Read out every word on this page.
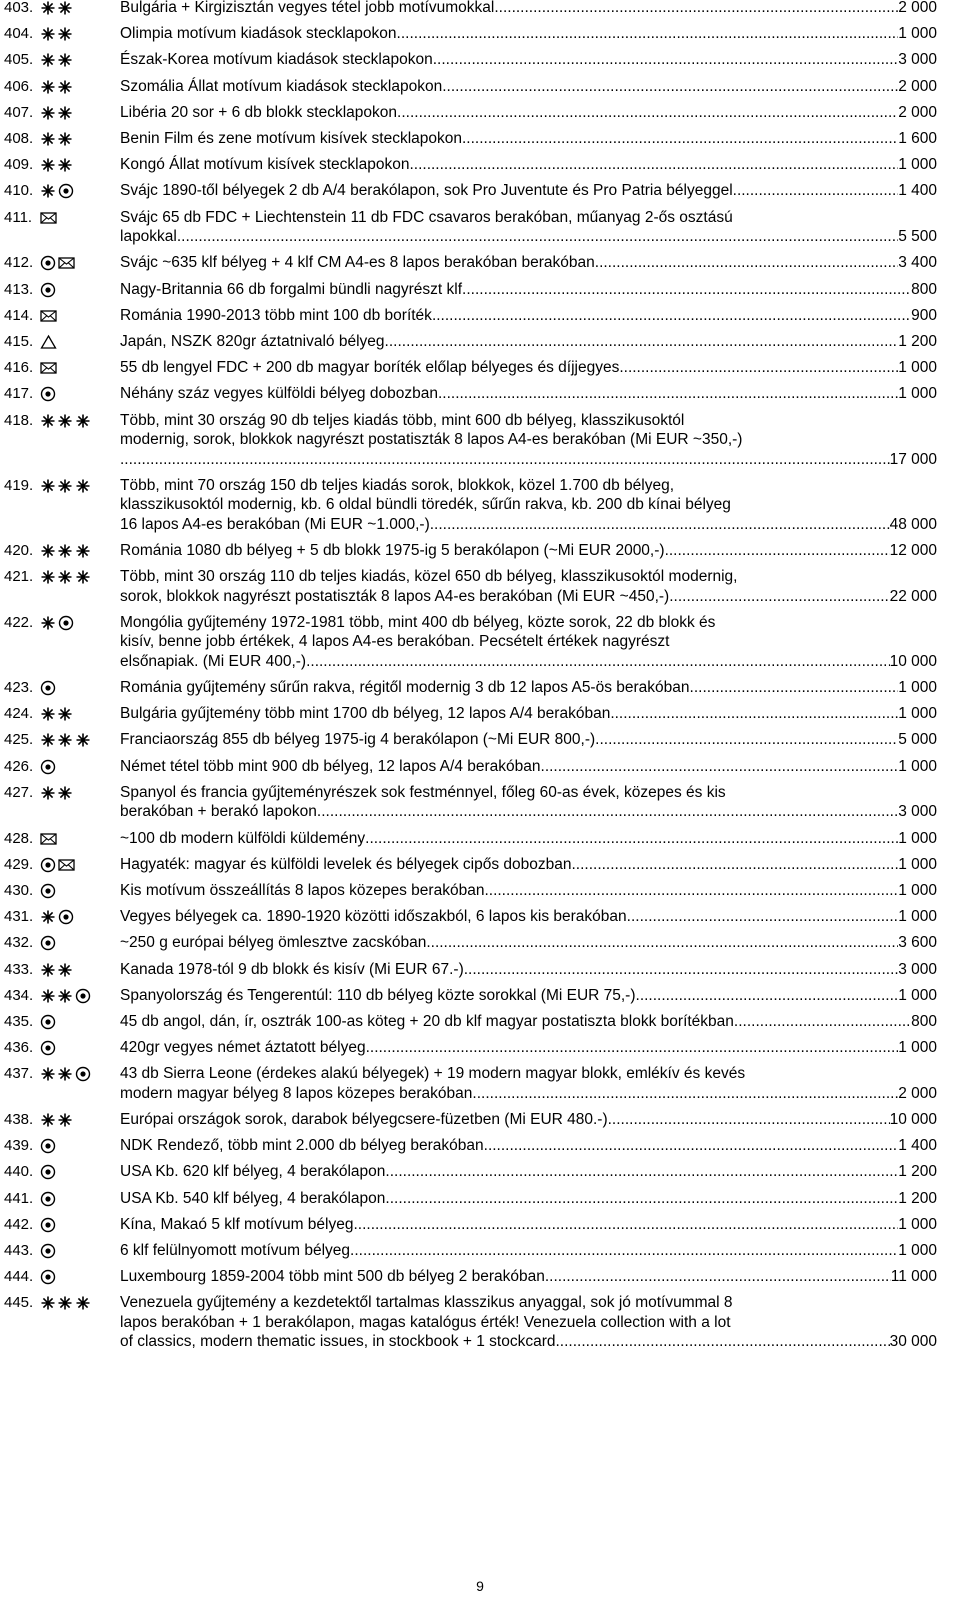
403.	Bulgária + Kirgizisztán vegyes tétel jobb motívumokkal .....	2 000
404.	Olimpia motívum kiadások stecklapokon .....	1 000
405.	Észak-Korea motívum kiadások stecklapokon .....	3 000
406.	Szomália Állat motívum kiadások stecklapokon .....	2 000
407.	Libéria 20 sor + 6 db blokk stecklapokon .....	2 000
408.	Benin Film és zene motívum kisívek stecklapokon .....	1 600
409.	Kongó Állat motívum kisívek stecklapokon .....	1 000
410.	Svájc 1890-től bélyegek 2 db A/4 berakólapon, sok Pro Juventute és Pro Patria bélyeggel .....	1 400
411.	Svájc 65 db FDC + Liechtenstein 11 db FDC csavaros berakóban, műanyag 2-ős osztású
lapokkal .....	5 500
412.	Svájc ~635 klf bélyeg + 4 klf CM A4-es 8 lapos berakóban berakóban .....	3 400
413.	Nagy-Britannia 66 db forgalmi bündli nagyrészt klf .....	800
414.	Románia 1990-2013 több mint 100 db boríték .....	900
415.	Japán, NSZK 820gr áztatnivaló bélyeg .....	1 200
416.	55 db lengyel FDC + 200 db magyar boríték előlap bélyeges és díjjegyes .....	1 000
417.	Néhány száz vegyes külföldi bélyeg dobozban .....	1 000
418.	Több, mint 30 ország 90 db teljes kiadás több, mint 600 db bélyeg, klasszikusoktól
modernig, sorok, blokkok nagyrészt postatiszták 8 lapos A4-es berakóban (Mi EUR ~350,-)
.....
17 000
419.	Több, mint 70 ország 150 db teljes kiadás sorok, blokkok, közel 1.700 db bélyeg,
klasszikusoktól modernig, kb. 6 oldal bündli töredék, sűrűn rakva, kb. 200 db kínai bélyeg
16 lapos A4-es berakóban (Mi EUR ~1.000,-) .....	48 000
420.	Románia 1080 db bélyeg + 5 db blokk 1975-ig 5 berakólapon (~Mi EUR 2000,-) .....	12 000
421.	Több, mint 30 ország 110 db teljes kiadás, közel 650 db bélyeg, klasszikusoktól modernig,
sorok, blokkok nagyrészt postatiszták 8 lapos A4-es berakóban (Mi EUR ~450,-) .....	22 000
422.	Mongólia gyűjtemény 1972-1981 több, mint 400 db bélyeg, közte sorok, 22 db blokk és
kisív, benne jobb értékek, 4 lapos A4-es berakóban. Pecsételt értékek nagyrészt
elsőnapiak. (Mi EUR 400,-) .....	10 000
423.	Románia gyűjtemény sűrűn rakva, régitől modernig 3 db 12 lapos A5-ös berakóban .....	1 000
424.	Bulgária gyűjtemény több mint 1700 db bélyeg, 12 lapos A/4 berakóban .....	1 000
425.	Franciaország 855 db bélyeg 1975-ig 4 berakólapon (~Mi EUR 800,-) .....	5 000
426.	Német tétel több mint 900 db bélyeg, 12 lapos A/4 berakóban .....	1 000
427.	Spanyol és francia gyűjteményrészek sok festménnyel, főleg 60-as évek, közepes és kis
berakóban + berakó lapokon .....	3 000
428.	~100 db modern külföldi küldemény .....	1 000
429.	Hagyaték: magyar és külföldi levelek és bélyegek cipős dobozban .....	1 000
430.	Kis motívum összeállítás 8 lapos közepes berakóban .....	1 000
431.	Vegyes bélyegek ca. 1890-1920 közötti időszakból, 6 lapos kis berakóban .....	1 000
432.	~250 g európai bélyeg ömlesztve zacskóban .....	3 600
433.	Kanada 1978-tól 9 db blokk és kisív (Mi EUR 67.-) .....	3 000
434.	Spanyolország és Tengerentúl: 110 db bélyeg közte sorokkal (Mi EUR 75,-) .....	1 000
435.	45 db angol, dán, ír, osztrák 100-as köteg + 20 db klf magyar postatiszta blokk borítékban .....	800
436.	420gr vegyes német áztatott bélyeg .....	1 000
437.	43 db Sierra Leone (érdekes alakú bélyegek) + 19 modern magyar blokk, emlékív és kevés
modern magyar bélyeg 8 lapos közepes berakóban .....	2 000
438.	Európai országok sorok, darabok bélyegcsere-füzetben (Mi EUR 480.-) .....	10 000
439.	NDK Rendező, több mint 2.000 db bélyeg berakóban .....	1 400
440.	USA Kb. 620 klf bélyeg, 4 berakólapon .....	1 200
441.	USA Kb. 540 klf bélyeg, 4 berakólapon .....	1 200
442.	Kína, Makaó 5 klf motívum bélyeg .....	1 000
443.	6 klf felülnyomott motívum bélyeg .....	1 000
444.	Luxembourg 1859-2004 több mint 500 db bélyeg 2 berakóban .....	11 000
445.	Venezuela gyűjtemény a kezdetektől tartalmas klasszikus anyaggal, sok jó motívummal 8
lapos berakóban + 1 berakólapon, magas katalógus érték! Venezuela collection with a lot
of classics, modern thematic issues, in stockbook + 1 stockcard. .....	30 000
9
